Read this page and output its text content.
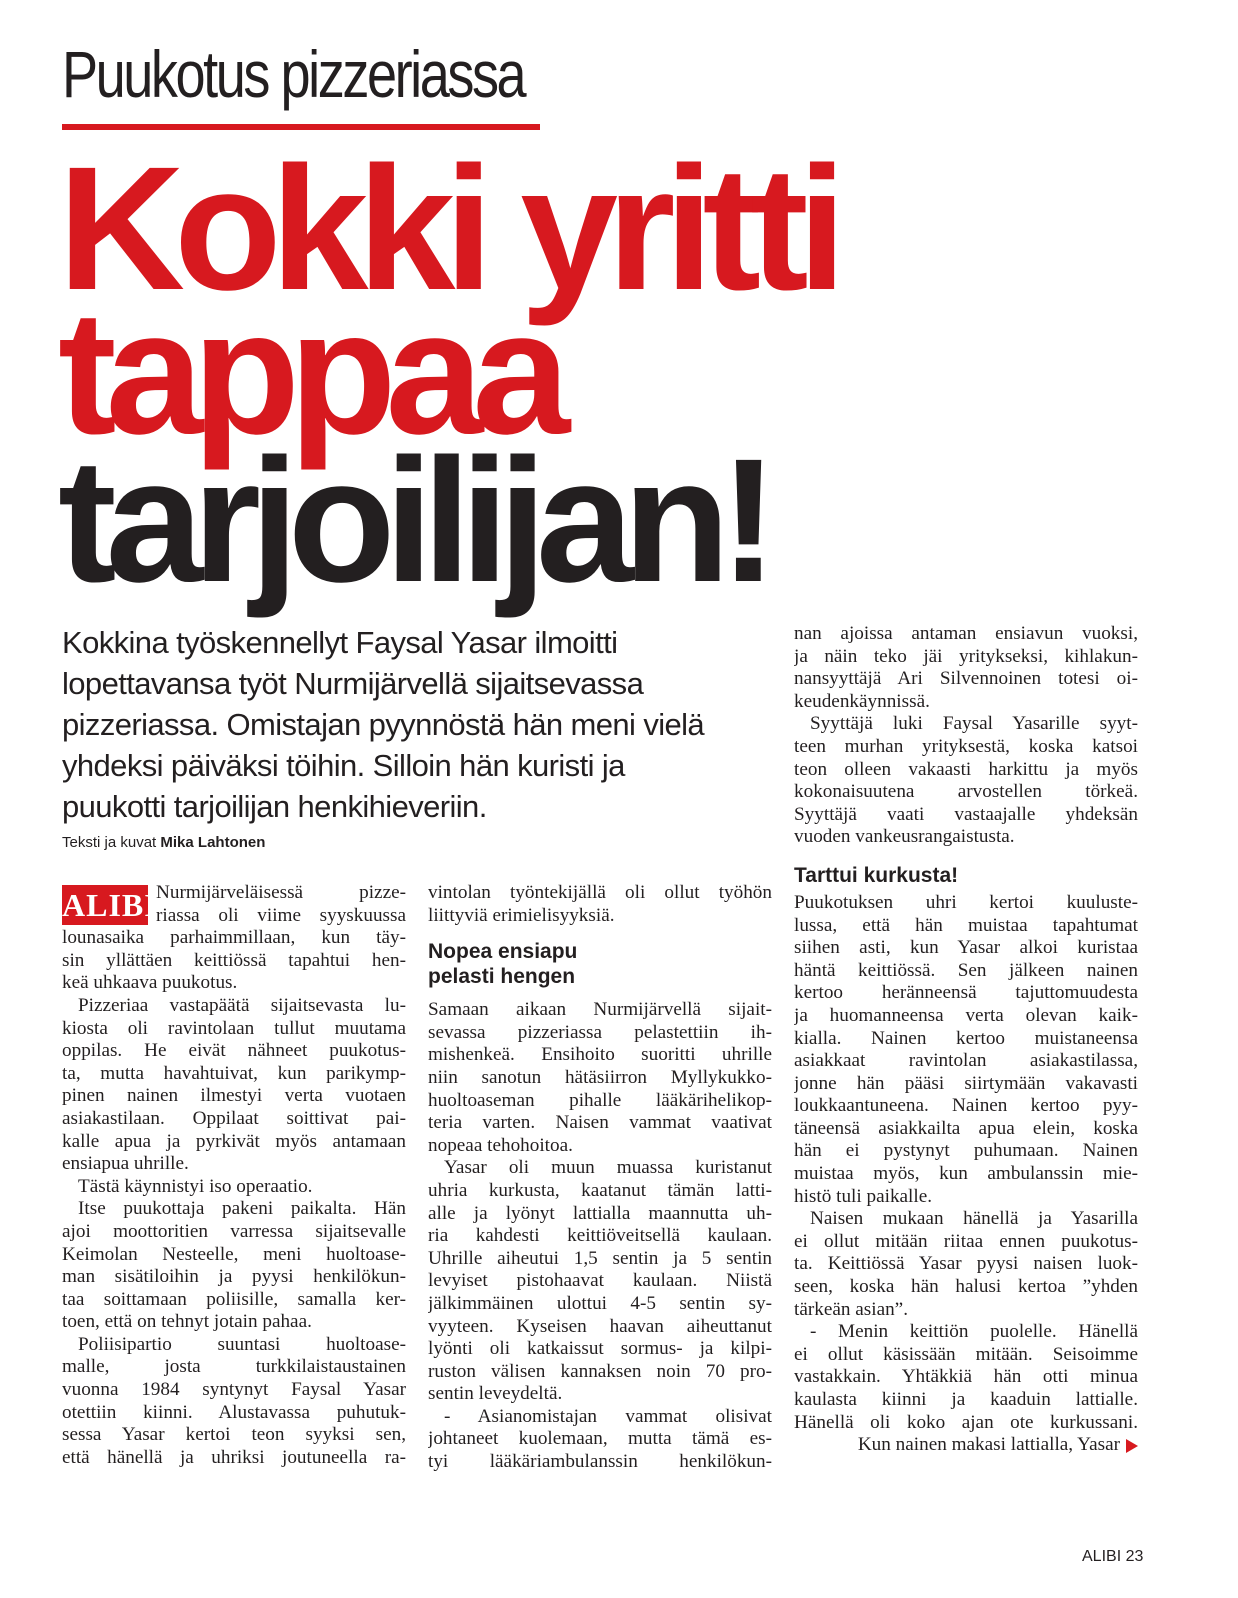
Puukotus pizzeriassa
Kokki yritti
tappaa
tarjoilijan!
Kokkina työskennellyt Faysal Yasar ilmoitti
lopettavansa työt Nurmijärvellä sijaitsevassa
pizzeriassa. Omistajan pyynnöstä hän meni vielä
yhdeksi päiväksi töihin. Silloin hän kuristi ja
puukotti tarjoilijan henkihieveriin.
Teksti ja kuvat Mika Lahtonen
ALIBI
Nurmijärveläisessä pizze-
riassa oli viime syyskuussa
lounasaika parhaimmillaan, kun täy-
sin yllättäen keittiössä tapahtui hen-
keä uhkaava puukotus.
Pizzeriaa vastapäätä sijaitsevasta lu-
kiosta oli ravintolaan tullut muutama
oppilas. He eivät nähneet puukotus-
ta, mutta havahtuivat, kun parikymp-
pinen nainen ilmestyi verta vuotaen
asiakastilaan. Oppilaat soittivat pai-
kalle apua ja pyrkivät myös antamaan
ensiapua uhrille.
Tästä käynnistyi iso operaatio.
Itse puukottaja pakeni paikalta. Hän
ajoi moottoritien varressa sijaitsevalle
Keimolan Nesteelle, meni huoltoase-
man sisätiloihin ja pyysi henkilökun-
taa soittamaan poliisille, samalla ker-
toen, että on tehnyt jotain pahaa.
Poliisipartio suuntasi huoltoase-
malle, josta turkkilaistaustainen
vuonna 1984 syntynyt Faysal Yasar
otettiin kiinni. Alustavassa puhutuk-
sessa Yasar kertoi teon syyksi sen,
että hänellä ja uhriksi joutuneella ra-
vintolan työntekijällä oli ollut työhön
liittyviä erimielisyyksiä.
Nopea ensiapu
pelasti hengen
Samaan aikaan Nurmijärvellä sijait-
sevassa pizzeriassa pelastettiin ih-
mishenkeä. Ensihoito suoritti uhrille
niin sanotun hätäsiirron Myllykukko-
huoltoaseman pihalle lääkärihelikop-
teria varten. Naisen vammat vaativat
nopeaa tehohoitoa.
Yasar oli muun muassa kuristanut
uhria kurkusta, kaatanut tämän latti-
alle ja lyönyt lattialla maannutta uh-
ria kahdesti keittiöveitsellä kaulaan.
Uhrille aiheutui 1,5 sentin ja 5 sentin
levyiset pistohaavat kaulaan. Niistä
jälkimmäinen ulottui 4-5 sentin sy-
vyyteen. Kyseisen haavan aiheuttanut
lyönti oli katkaissut sormus- ja kilpi-
ruston välisen kannaksen noin 70 pro-
sentin leveydeltä.
- Asianomistajan vammat olisivat
johtaneet kuolemaan, mutta tämä es-
tyi lääkäriambulanssin henkilökun-
nan ajoissa antaman ensiavun vuoksi,
ja näin teko jäi yritykseksi, kihlakun-
nansyyttäjä Ari Silvennoinen totesi oi-
keudenkäynnissä.
Syyttäjä luki Faysal Yasarille syyt-
teen murhan yrityksestä, koska katsoi
teon olleen vakaasti harkittu ja myös
kokonaisuutena arvostellen törkeä.
Syyttäjä vaati vastaajalle yhdeksän
vuoden vankeusrangaistusta.
Tarttui kurkusta!
Puukotuksen uhri kertoi kuuluste-
lussa, että hän muistaa tapahtumat
siihen asti, kun Yasar alkoi kuristaa
häntä keittiössä. Sen jälkeen nainen
kertoo heränneensä tajuttomuudesta
ja huomanneensa verta olevan kaik-
kialla. Nainen kertoo muistaneensa
asiakkaat ravintolan asiakastilassa,
jonne hän pääsi siirtymään vakavasti
loukkaantuneena. Nainen kertoo pyy-
täneensä asiakkailta apua elein, koska
hän ei pystynyt puhumaan. Nainen
muistaa myös, kun ambulanssin mie-
histö tuli paikalle.
Naisen mukaan hänellä ja Yasarilla
ei ollut mitään riitaa ennen puukotus-
ta. Keittiössä Yasar pyysi naisen luok-
seen, koska hän halusi kertoa ”yhden
tärkeän asian”.
- Menin keittiön puolelle. Hänellä
ei ollut käsissään mitään. Seisoimme
vastakkain. Yhtäkkiä hän otti minua
kaulasta kiinni ja kaaduin lattialle.
Hänellä oli koko ajan ote kurkussani.
Kun nainen makasi lattialla, Yasar
ALIBI 23
